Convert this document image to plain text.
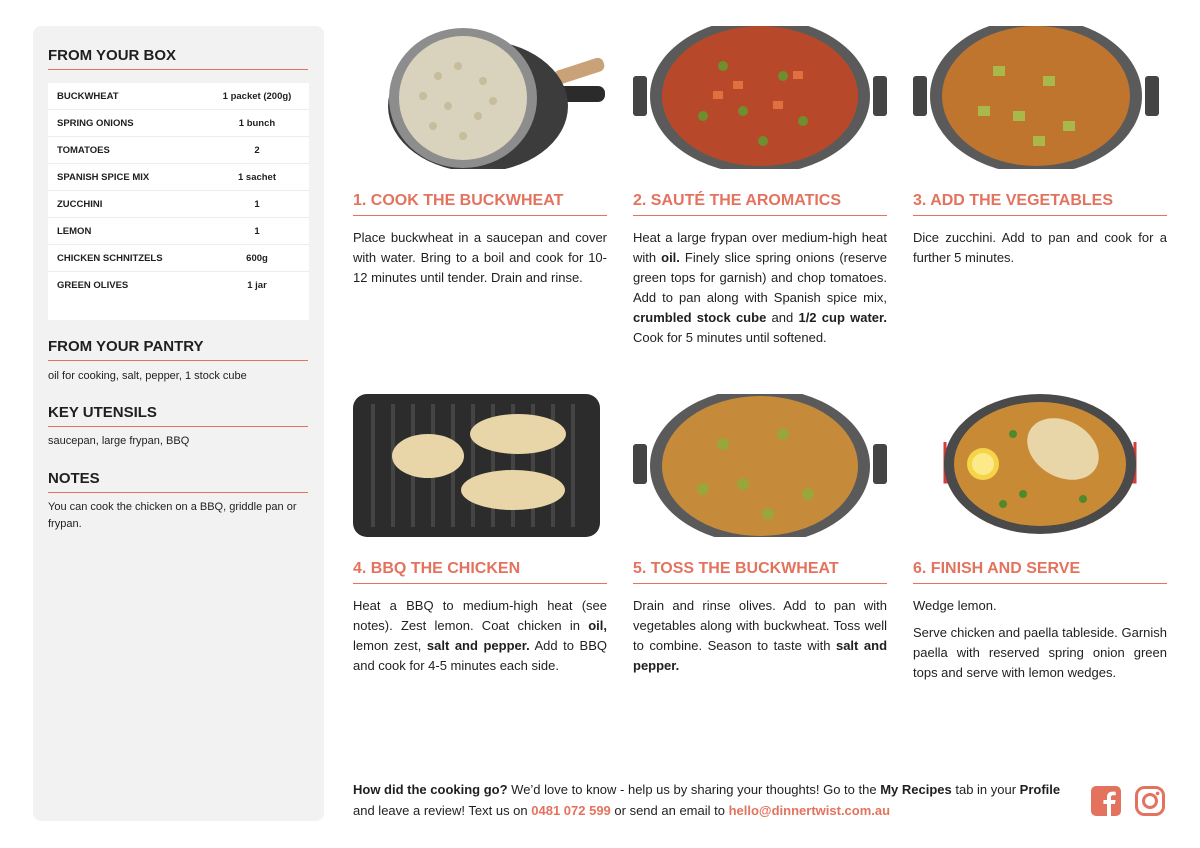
FROM YOUR BOX
BUCKWHEAT	1 packet (200g)
SPRING ONIONS	1 bunch
TOMATOES	2
SPANISH SPICE MIX	1 sachet
ZUCCHINI	1
LEMON	1
CHICKEN SCHNITZELS	600g
GREEN OLIVES	1 jar
FROM YOUR PANTRY
oil for cooking, salt, pepper, 1 stock cube
KEY UTENSILS
saucepan, large frypan, BBQ
NOTES
You can cook the chicken on a BBQ, griddle pan or frypan.
1. COOK THE BUCKWHEAT

Place buckwheat in a saucepan and cover with water. Bring to a boil and cook for 10-12 minutes until tender. Drain and rinse.

2. SAUTÉ THE AROMATICS

Heat a large frypan over medium-high heat with oil. Finely slice spring onions (reserve green tops for garnish) and chop tomatoes. Add to pan along with Spanish spice mix, crumbled stock cube and 1/2 cup water. Cook for 5 minutes until softened.

3. ADD THE VEGETABLES

Dice zucchini. Add to pan and cook for a further 5 minutes.

4. BBQ THE CHICKEN

Heat a BBQ to medium-high heat (see notes). Zest lemon. Coat chicken in oil, lemon zest, salt and pepper. Add to BBQ and cook for 4-5 minutes each side.

5. TOSS THE BUCKWHEAT

Drain and rinse olives. Add to pan with vegetables along with buckwheat. Toss well to combine. Season to taste with salt and pepper.

6. FINISH AND SERVE

Wedge lemon.

Serve chicken and paella tableside. Garnish paella with reserved spring onion green tops and serve with lemon wedges.

How did the cooking go? We’d love to know - help us by sharing your thoughts! Go to the My Recipes tab in your Profile and leave a review! Text us on 0481 072 599 or send an email to hello@dinnertwist.com.au
